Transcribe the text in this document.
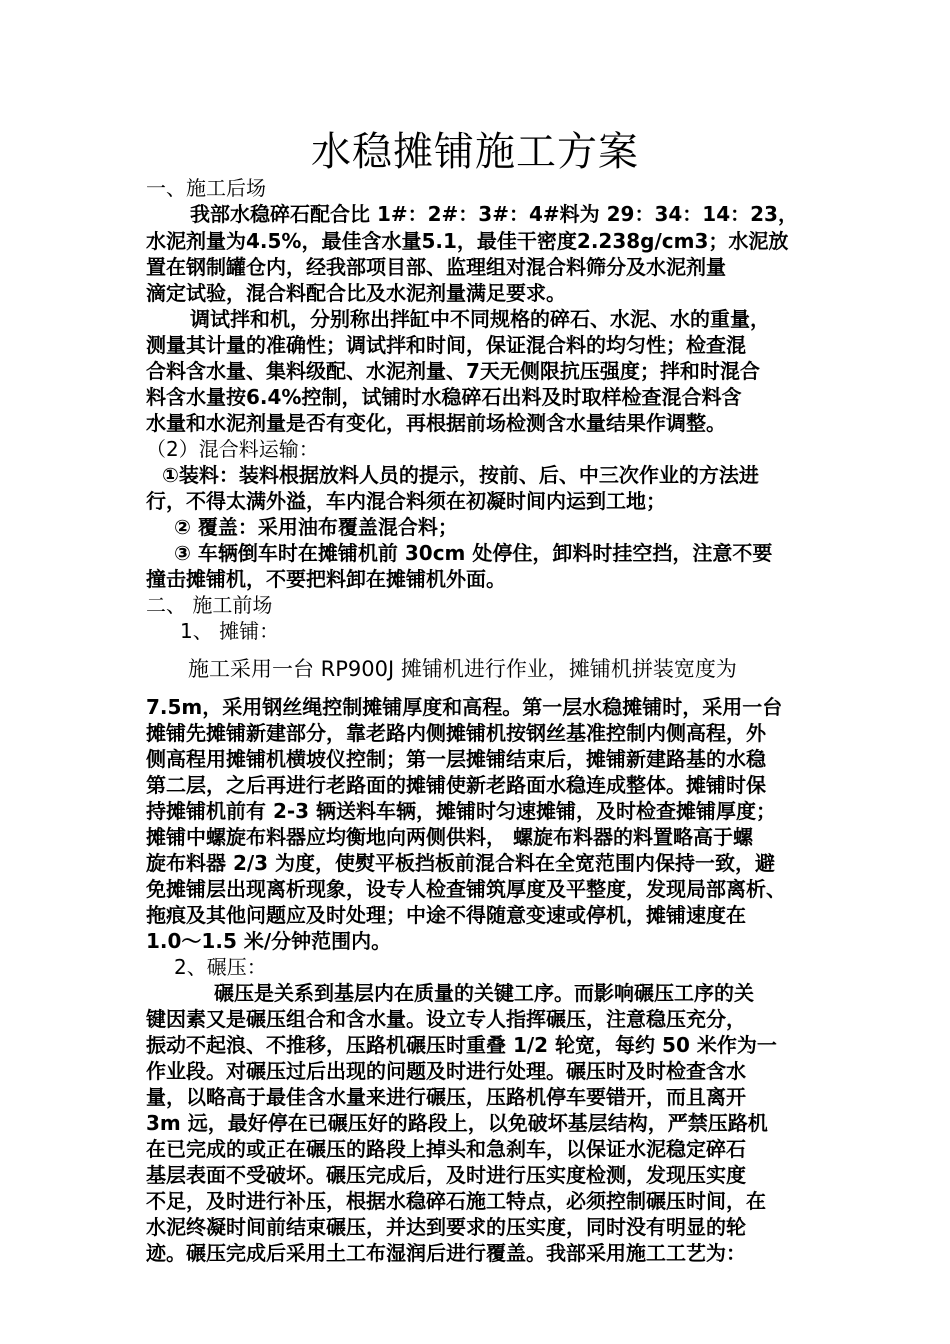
水稳摊铺施工方案
一、施工后场
我部水稳碎石配合比 1#：2#：3#：4#料为 29：34：14：23，
水泥剂量为4.5%，最佳含水量5.1，最佳干密度2.238g/cm3；水泥放
置在钢制罐仓内，经我部项目部、监理组对混合料筛分及水泥剂量
滴定试验，混合料配合比及水泥剂量满足要求。
调试拌和机，分别称出拌缸中不同规格的碎石、水泥、水的重量，
测量其计量的准确性；调试拌和时间，保证混合料的均匀性；检查混
合料含水量、集料级配、水泥剂量、7天无侧限抗压强度；拌和时混合
料含水量按6.4%控制，试铺时水稳碎石出料及时取样检查混合料含
水量和水泥剂量是否有变化，再根据前场检测含水量结果作调整。
（2）混合料运输：
①装料：装料根据放料人员的提示，按前、后、中三次作业的方法进
行，不得太满外溢，车内混合料须在初凝时间内运到工地；
② 覆盖：采用油布覆盖混合料；
③ 车辆倒车时在摊铺机前 30cm 处停住，卸料时挂空挡，注意不要
撞击摊铺机，不要把料卸在摊铺机外面。
二、 施工前场
1、 摊铺：
施工采用一台 RP900J 摊铺机进行作业，摊铺机拼装宽度为
7.5m，采用钢丝绳控制摊铺厚度和高程。第一层水稳摊铺时，采用一台
摊铺先摊铺新建部分，靠老路内侧摊铺机按钢丝基准控制内侧高程，外
侧高程用摊铺机横坡仪控制；第一层摊铺结束后，摊铺新建路基的水稳
第二层，之后再进行老路面的摊铺使新老路面水稳连成整体。摊铺时保
持摊铺机前有 2-3 辆送料车辆，摊铺时匀速摊铺，及时检查摊铺厚度；
摊铺中螺旋布料器应均衡地向两侧供料， 螺旋布料器的料置略高于螺
旋布料器 2/3 为度，使熨平板挡板前混合料在全宽范围内保持一致，避
免摊铺层出现离析现象，设专人检查铺筑厚度及平整度，发现局部离析、
拖痕及其他问题应及时处理；中途不得随意变速或停机，摊铺速度在
1.0～1.5 米/分钟范围内。
2、碾压：
碾压是关系到基层内在质量的关键工序。而影响碾压工序的关
键因素又是碾压组合和含水量。设立专人指挥碾压，注意稳压充分，
振动不起浪、不推移，压路机碾压时重叠 1/2 轮宽，每约 50 米作为一
作业段。对碾压过后出现的问题及时进行处理。碾压时及时检查含水
量，以略高于最佳含水量来进行碾压，压路机停车要错开，而且离开
3m 远，最好停在已碾压好的路段上，以免破坏基层结构，严禁压路机
在已完成的或正在碾压的路段上掉头和急刹车，以保证水泥稳定碎石
基层表面不受破坏。碾压完成后，及时进行压实度检测，发现压实度
不足，及时进行补压，根据水稳碎石施工特点，必须控制碾压时间，在
水泥终凝时间前结束碾压，并达到要求的压实度，同时没有明显的轮
迹。碾压完成后采用土工布湿润后进行覆盖。我部采用施工工艺为：
